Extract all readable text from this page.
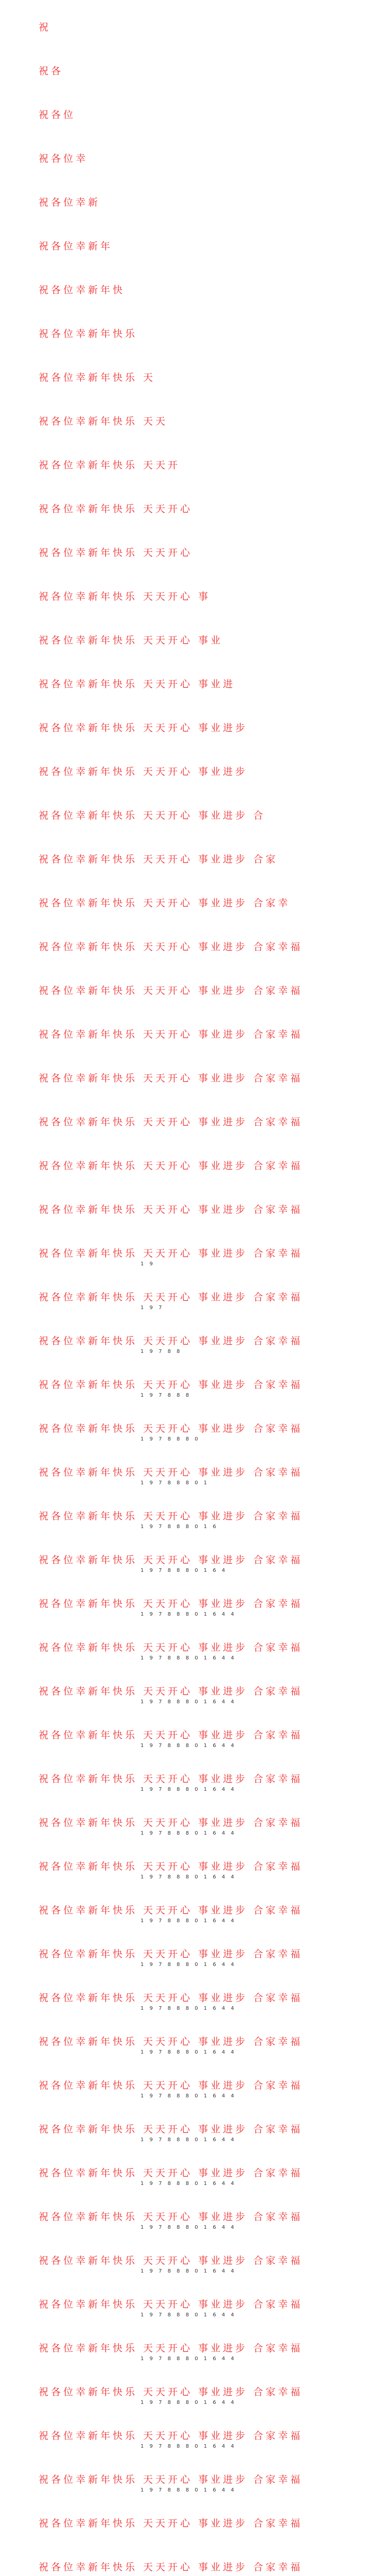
祝
祝各
祝各位
祝各位幸
祝各位幸新
祝各位幸新年
祝各位幸新年快
祝各位幸新年快乐
祝各位幸新年快乐 天
祝各位幸新年快乐 天天
祝各位幸新年快乐 天天开
祝各位幸新年快乐 天天开心
祝各位幸新年快乐 天天开心
祝各位幸新年快乐 天天开心 事
祝各位幸新年快乐 天天开心 事业
祝各位幸新年快乐 天天开心 事业进
祝各位幸新年快乐 天天开心 事业进步
祝各位幸新年快乐 天天开心 事业进步
祝各位幸新年快乐 天天开心 事业进步 合
祝各位幸新年快乐 天天开心 事业进步 合家
祝各位幸新年快乐 天天开心 事业进步 合家幸
祝各位幸新年快乐 天天开心 事业进步 合家幸福
祝各位幸新年快乐 天天开心 事业进步 合家幸福
祝各位幸新年快乐 天天开心 事业进步 合家幸福
祝各位幸新年快乐 天天开心 事业进步 合家幸福
祝各位幸新年快乐 天天开心 事业进步 合家幸福
祝各位幸新年快乐 天天开心 事业进步 合家幸福
祝各位幸新年快乐 天天开心 事业进步 合家幸福
祝各位幸新年快乐 天天开心 事业进步 合家幸福
1 9
祝各位幸新年快乐 天天开心 事业进步 合家幸福
1 9 7
祝各位幸新年快乐 天天开心 事业进步 合家幸福
1 9 7 8 8
祝各位幸新年快乐 天天开心 事业进步 合家幸福
1 9 7 8 8 8
祝各位幸新年快乐 天天开心 事业进步 合家幸福
1 9 7 8 8 8 0
祝各位幸新年快乐 天天开心 事业进步 合家幸福
1 9 7 8 8 8 0 1
祝各位幸新年快乐 天天开心 事业进步 合家幸福
1 9 7 8 8 8 0 1 6
祝各位幸新年快乐 天天开心 事业进步 合家幸福
1 9 7 8 8 8 0 1 6 4
祝各位幸新年快乐 天天开心 事业进步 合家幸福
1 9 7 8 8 8 0 1 6 4 4
祝各位幸新年快乐 天天开心 事业进步 合家幸福
1 9 7 8 8 8 0 1 6 4 4
祝各位幸新年快乐 天天开心 事业进步 合家幸福
1 9 7 8 8 8 0 1 6 4 4
祝各位幸新年快乐 天天开心 事业进步 合家幸福
1 9 7 8 8 8 0 1 6 4 4
祝各位幸新年快乐 天天开心 事业进步 合家幸福
1 9 7 8 8 8 0 1 6 4 4
祝各位幸新年快乐 天天开心 事业进步 合家幸福
1 9 7 8 8 8 0 1 6 4 4
祝各位幸新年快乐 天天开心 事业进步 合家幸福
1 9 7 8 8 8 0 1 6 4 4
祝各位幸新年快乐 天天开心 事业进步 合家幸福
1 9 7 8 8 8 0 1 6 4 4
祝各位幸新年快乐 天天开心 事业进步 合家幸福
1 9 7 8 8 8 0 1 6 4 4
祝各位幸新年快乐 天天开心 事业进步 合家幸福
1 9 7 8 8 8 0 1 6 4 4
祝各位幸新年快乐 天天开心 事业进步 合家幸福
1 9 7 8 8 8 0 1 6 4 4
祝各位幸新年快乐 天天开心 事业进步 合家幸福
1 9 7 8 8 8 0 1 6 4 4
祝各位幸新年快乐 天天开心 事业进步 合家幸福
1 9 7 8 8 8 0 1 6 4 4
祝各位幸新年快乐 天天开心 事业进步 合家幸福
1 9 7 8 8 8 0 1 6 4 4
祝各位幸新年快乐 天天开心 事业进步 合家幸福
1 9 7 8 8 8 0 1 6 4 4
祝各位幸新年快乐 天天开心 事业进步 合家幸福
1 9 7 8 8 8 0 1 6 4 4
祝各位幸新年快乐 天天开心 事业进步 合家幸福
1 9 7 8 8 8 0 1 6 4 4
祝各位幸新年快乐 天天开心 事业进步 合家幸福
1 9 7 8 8 8 0 1 6 4 4
祝各位幸新年快乐 天天开心 事业进步 合家幸福
1 9 7 8 8 8 0 1 6 4 4
祝各位幸新年快乐 天天开心 事业进步 合家幸福
1 9 7 8 8 8 0 1 6 4 4
祝各位幸新年快乐 天天开心 事业进步 合家幸福
1 9 7 8 8 8 0 1 6 4 4
祝各位幸新年快乐 天天开心 事业进步 合家幸福
祝各位幸新年快乐 天天开心 事业进步 合家幸福
